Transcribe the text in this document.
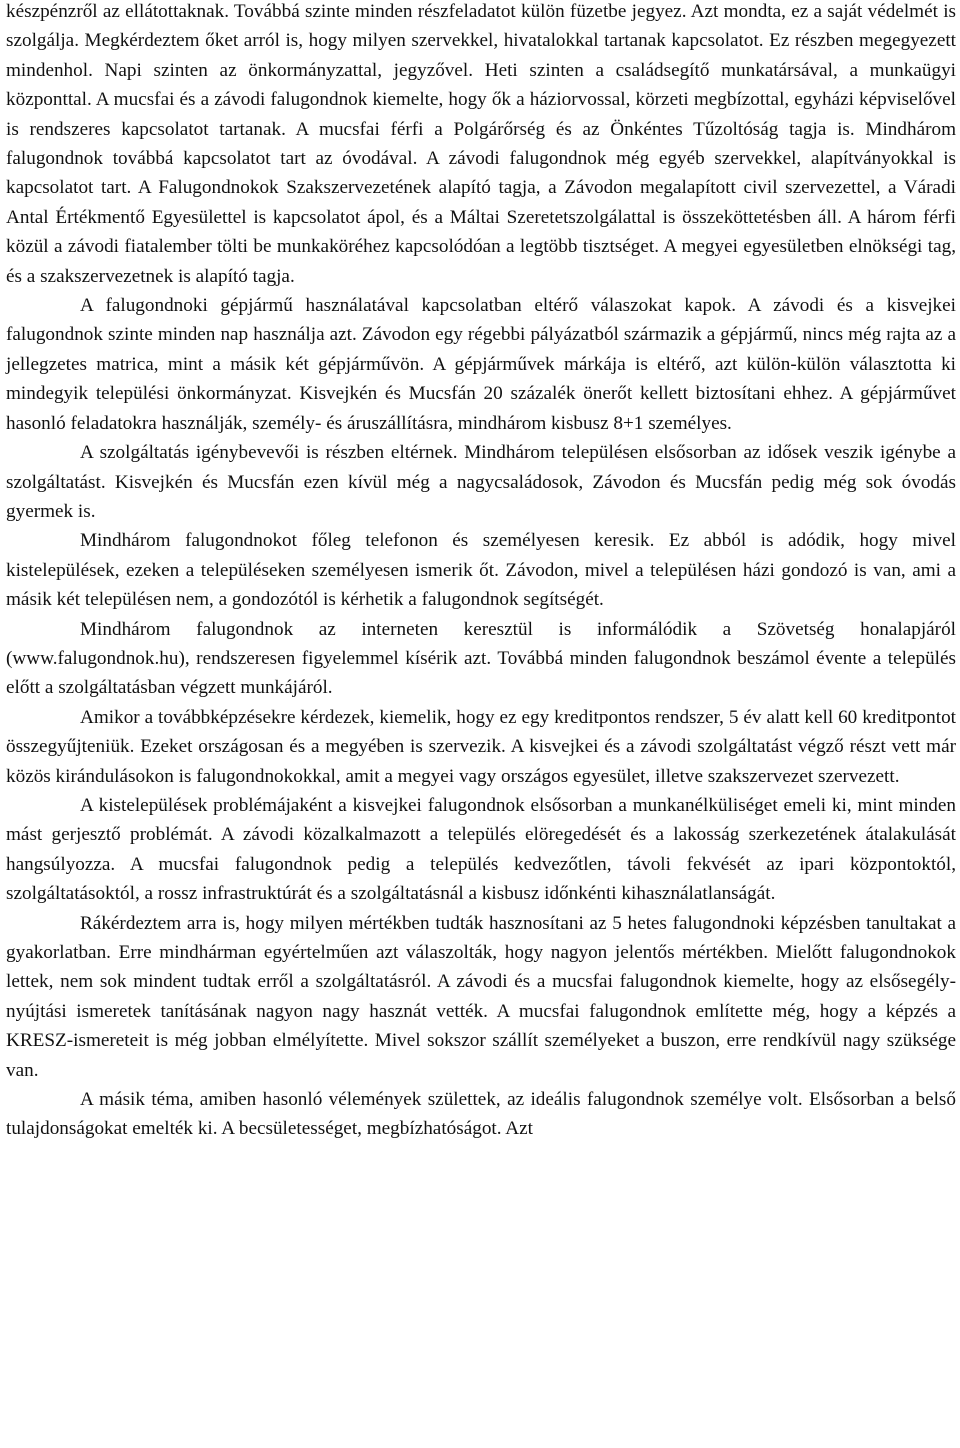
készpénzről az ellátottaknak. Továbbá szinte minden részfeladatot külön füzetbe jegyez. Azt mondta, ez a saját védelmét is szolgálja. Megkérdeztem őket arról is, hogy milyen szervekkel, hivatalokkal tartanak kapcsolatot. Ez részben megegyezett mindenhol. Napi szinten az önkormányzattal, jegyzővel. Heti szinten a családsegítő munkatársával, a munkaügyi központtal. A mucsfai és a závodi falugondnok kiemelte, hogy ők a háziorvossal, körzeti megbízottal, egyházi képviselővel is rendszeres kapcsolatot tartanak. A mucsfai férfi a Polgárőrség és az Önkéntes Tűzoltóság tagja is. Mindhárom falugondnok továbbá kapcsolatot tart az óvodával. A závodi falugondnok még egyéb szervekkel, alapítványokkal is kapcsolatot tart. A Falugondnokok Szakszervezetének alapító tagja, a Závodon megalapított civil szervezettel, a Váradi Antal Értékmentő Egyesülettel is kapcsolatot ápol, és a Máltai Szeretetszolgálattal is összeköttetésben áll. A három férfi közül a závodi fiatalember tölti be munkaköréhez kapcsolódóan a legtöbb tisztséget. A megyei egyesületben elnökségi tag, és a szakszervezetnek is alapító tagja.

A falugondnoki gépjármű használatával kapcsolatban eltérő válaszokat kapok. A závodi és a kisvejkei falugondnok szinte minden nap használja azt. Závodon egy régebbi pályázatból származik a gépjármű, nincs még rajta az a jellegzetes matrica, mint a másik két gépjárművön. A gépjárművek márkája is eltérő, azt külön-külön választotta ki mindegyik települési önkormányzat. Kisvejkén és Mucsfán 20 százalék önerőt kellett biztosítani ehhez. A gépjárművet hasonló feladatokra használják, személy- és áruszállításra, mindhárom kisbusz 8+1 személyes.

A szolgáltatás igénybevevői is részben eltérnek. Mindhárom településen elsősorban az idősek veszik igénybe a szolgáltatást. Kisvejkén és Mucsfán ezen kívül még a nagycsaládosok, Závodon és Mucsfán pedig még sok óvodás gyermek is.

Mindhárom falugondnokot főleg telefonon és személyesen keresik. Ez abból is adódik, hogy mivel kistelepülések, ezeken a településeken személyesen ismerik őt. Závodon, mivel a településen házi gondozó is van, ami a másik két településen nem, a gondozótól is kérhetik a falugondnok segítségét.

Mindhárom falugondnok az interneten keresztül is informálódik a Szövetség honalapjáról (www.falugondnok.hu), rendszeresen figyelemmel kísérik azt. Továbbá minden falugondnok beszámol évente a település előtt a szolgáltatásban végzett munkájáról.

Amikor a továbbképzésekre kérdezek, kiemelik, hogy ez egy kreditpontos rendszer, 5 év alatt kell 60 kreditpontot összegyűjteniük. Ezeket országosan és a megyében is szervezik. A kisvejkei és a závodi szolgáltatást végző részt vett már közös kirándulásokon is falugondnokokkal, amit a megyei vagy országos egyesület, illetve szakszervezet szervezett.

A kistelepülések problémájaként a kisvejkei falugondnok elsősorban a munkanélküliséget emeli ki, mint minden mást gerjesztő problémát. A závodi közalkalmazott a település elöregedését és a lakosság szerkezetének átalakulását hangsúlyozza. A mucsfai falugondnok pedig a település kedvezőtlen, távoli fekvését az ipari központoktól, szolgáltatásoktól, a rossz infrastruktúrát és a szolgáltatásnál a kisbusz időnkénti kihasználatlanságát.

Rákérdeztem arra is, hogy milyen mértékben tudták hasznosítani az 5 hetes falugondnoki képzésben tanultakat a gyakorlatban. Erre mindhárman egyértelműen azt válaszolták, hogy nagyon jelentős mértékben. Mielőtt falugondnokok lettek, nem sok mindent tudtak erről a szolgáltatásról. A závodi és a mucsfai falugondnok kiemelte, hogy az elsősegély-nyújtási ismeretek tanításának nagyon nagy hasznát vették. A mucsfai falugondnok említette még, hogy a képzés a KRESZ-ismereteit is még jobban elmélyítette. Mivel sokszor szállít személyeket a buszon, erre rendkívül nagy szüksége van.

A másik téma, amiben hasonló vélemények születtek, az ideális falugondnok személye volt. Elsősorban a belső tulajdonságokat emelték ki. A becsületességet, megbízhatóságot. Azt
